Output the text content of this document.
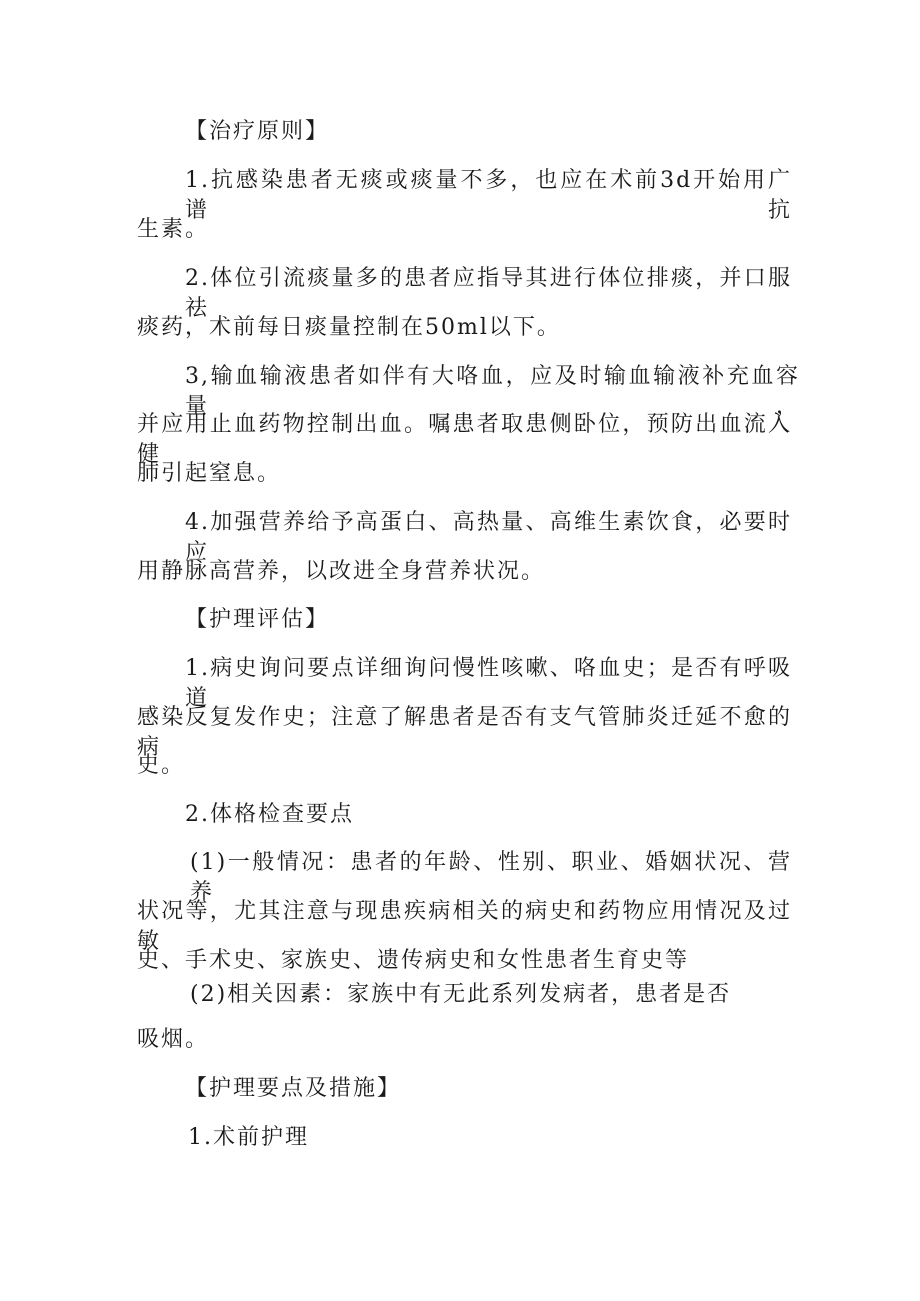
【治疗原则】
1.抗感染患者无痰或痰量不多，也应在术前3d开始用广谱抗
生素。
2.体位引流痰量多的患者应指导其进行体位排痰，并口服祛
痰药，术前每日痰量控制在50ml以下。
3,输血输液患者如伴有大咯血，应及时输血输液补充血容量，
并应用止血药物控制出血。嘱患者取患侧卧位，预防出血流入健
肺引起窒息。
4.加强营养给予高蛋白、高热量、高维生素饮食，必要时应
用静脉高营养，以改进全身营养状况。
【护理评估】
1.病史询问要点详细询问慢性咳嗽、咯血史；是否有呼吸道
感染反复发作史；注意了解患者是否有支气管肺炎迁延不愈的病
史。
2.体格检查要点
(1)一般情况：患者的年龄、性别、职业、婚姻状况、营养
状况等，尤其注意与现患疾病相关的病史和药物应用情况及过敏
史、手术史、家族史、遗传病史和女性患者生育史等
(2)相关因素：家族中有无此系列发病者，患者是否
吸烟。
【护理要点及措施】
1.术前护理
